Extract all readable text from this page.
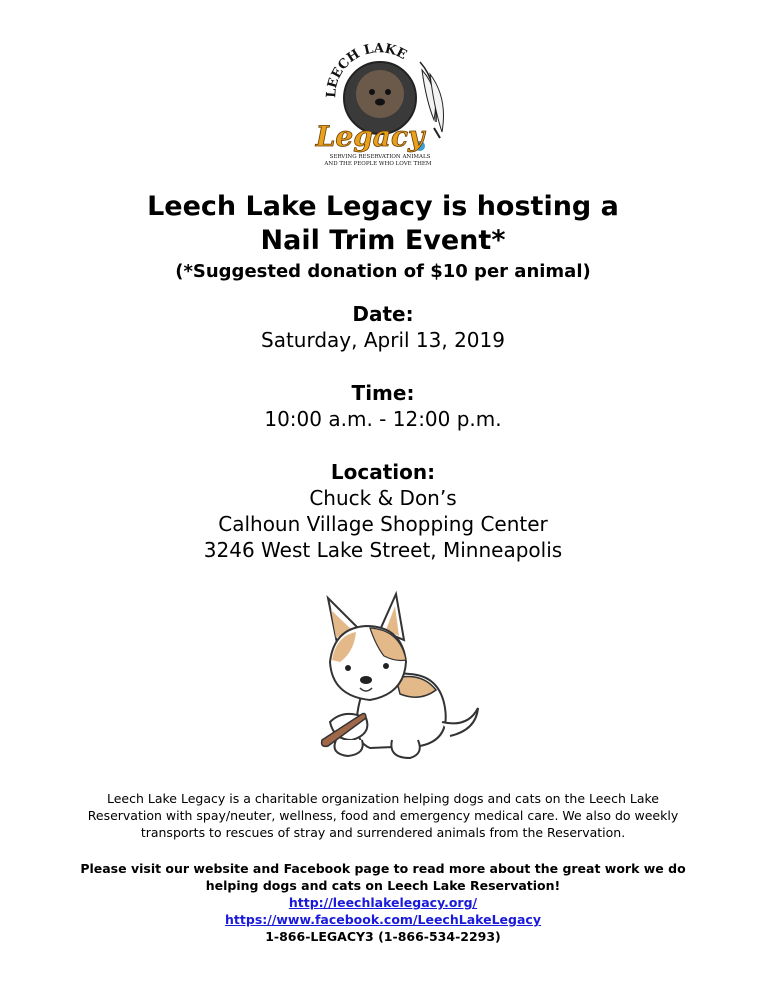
LEECH LAKE
Legacy
SERVING RESERVATION ANIMALS
AND THE PEOPLE WHO LOVE THEM
Leech Lake Legacy is hosting a
Nail Trim Event*
(*Suggested donation of $10 per animal)
Date:
Saturday, April 13, 2019
Time:
10:00 a.m. - 12:00 p.m.
Location:
Chuck & Don’s
Calhoun Village Shopping Center
3246 West Lake Street, Minneapolis
Leech Lake Legacy is a charitable organization helping dogs and cats on the Leech Lake Reservation with spay/neuter, wellness, food and emergency medical care. We also do weekly transports to rescues of stray and surrendered animals from the Reservation.
Please visit our website and Facebook page to read more about the great work we do helping dogs and cats on Leech Lake Reservation!
http://leechlakelegacy.org/
https://www.facebook.com/LeechLakeLegacy
1-866-LEGACY3 (1-866-534-2293)
